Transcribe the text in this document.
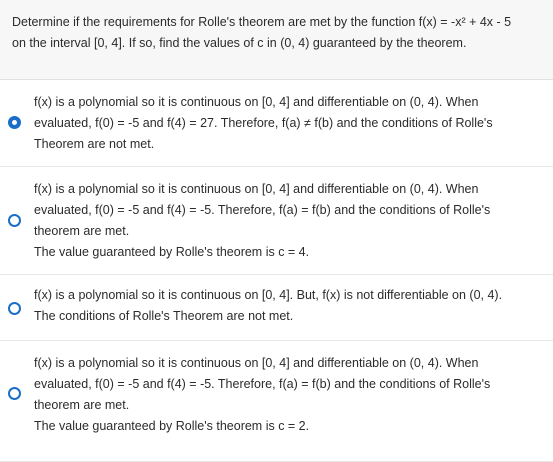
Determine if the requirements for Rolle's theorem are met by the function f(x) = -x² + 4x - 5

on the interval [0, 4]. If so, find the values of c in (0, 4) guaranteed by the theorem.

f(x) is a polynomial so it is continuous on [0, 4] and differentiable on (0, 4). When

evaluated, f(0) = -5 and f(4) = 27. Therefore, f(a) ≠ f(b) and the conditions of Rolle's

Theorem are not met.

f(x) is a polynomial so it is continuous on [0, 4] and differentiable on (0, 4). When

evaluated, f(0) = -5 and f(4) = -5. Therefore, f(a) = f(b) and the conditions of Rolle's

theorem are met.

The value guaranteed by Rolle's theorem is c = 4.

f(x) is a polynomial so it is continuous on [0, 4]. But, f(x) is not differentiable on (0, 4).

The conditions of Rolle's Theorem are not met.

f(x) is a polynomial so it is continuous on [0, 4] and differentiable on (0, 4). When

evaluated, f(0) = -5 and f(4) = -5. Therefore, f(a) = f(b) and the conditions of Rolle's

theorem are met.

The value guaranteed by Rolle's theorem is c = 2.
